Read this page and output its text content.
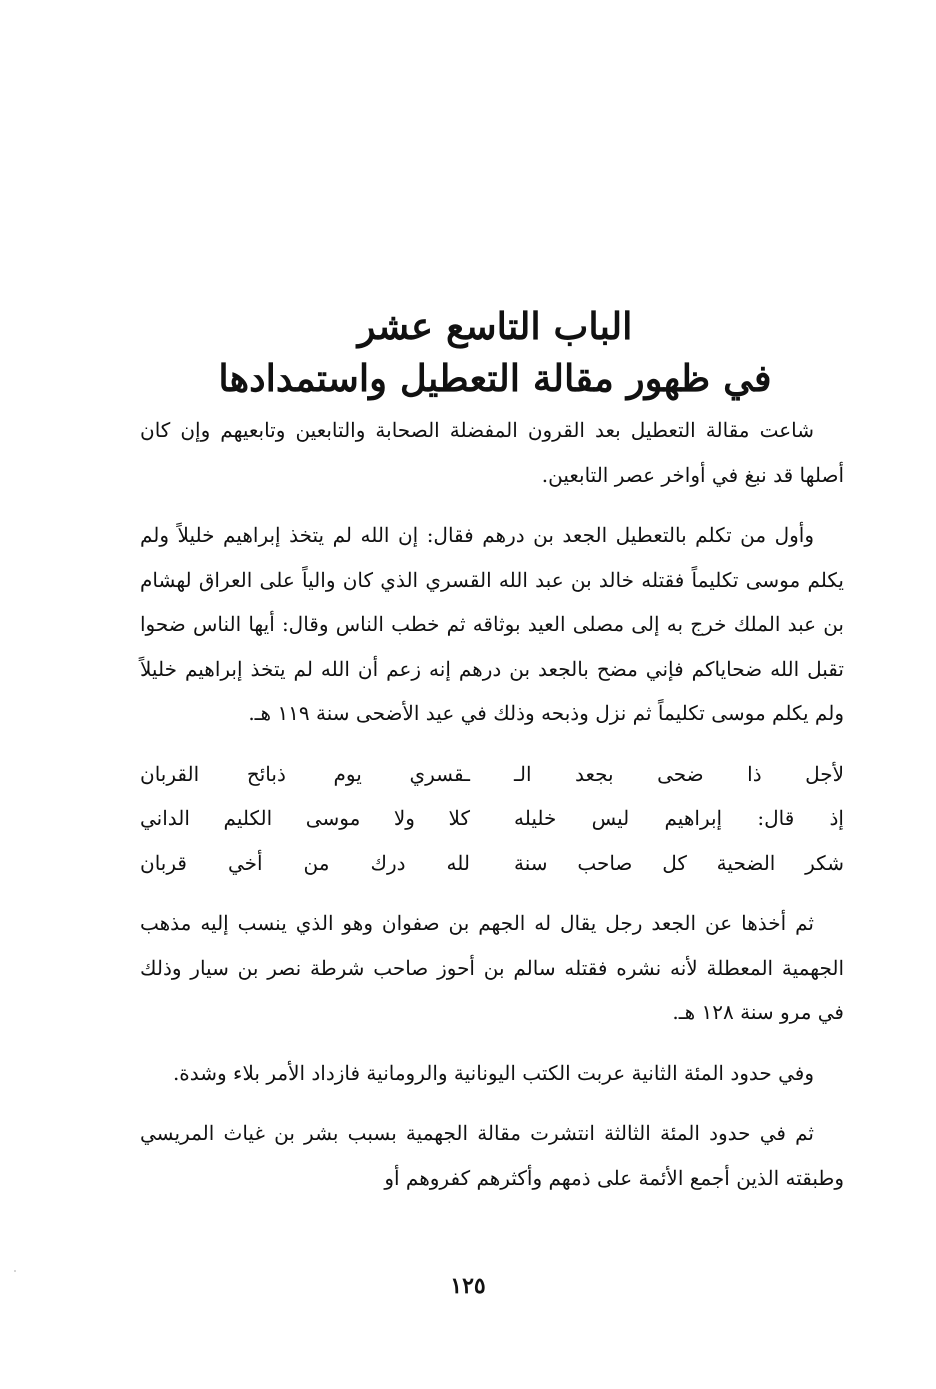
الباب التاسع عشر
في ظهور مقالة التعطيل واستمدادها

شاعت مقالة التعطيل بعد القرون المفضلة الصحابة والتابعين وتابعيهم وإن كان أصلها قد نبغ في أواخر عصر التابعين.

وأول من تكلم بالتعطيل الجعد بن درهم فقال: إن الله لم يتخذ إبراهيم خليلاً ولم يكلم موسى تكليماً فقتله خالد بن عبد الله القسري الذي كان والياً على العراق لهشام بن عبد الملك خرج به إلى مصلى العيد بوثاقه ثم خطب الناس وقال: أيها الناس ضحوا تقبل الله ضحاياكم فإني مضح بالجعد بن درهم إنه زعم أن الله لم يتخذ إبراهيم خليلاً ولم يكلم موسى تكليماً ثم نزل وذبحه وذلك في عيد الأضحى سنة ١١٩ هـ.

لأجل ذا ضحى بجعد الـ
ـقسري يوم ذبائح القربان
إذ قال: إبراهيم ليس خليله
كلا ولا موسى الكليم الداني
شكر الضحية كل صاحب سنة
لله درك من أخي قربان

ثم أخذها عن الجعد رجل يقال له الجهم بن صفوان وهو الذي ينسب إليه مذهب الجهمية المعطلة لأنه نشره فقتله سالم بن أحوز صاحب شرطة نصر بن سيار وذلك في مرو سنة ١٢٨ هـ.

وفي حدود المئة الثانية عربت الكتب اليونانية والرومانية فازداد الأمر بلاء وشدة.

ثم في حدود المئة الثالثة انتشرت مقالة الجهمية بسبب بشر بن غياث المريسي وطبقته الذين أجمع الأئمة على ذمهم وأكثرهم كفروهم أو

١٢٥
